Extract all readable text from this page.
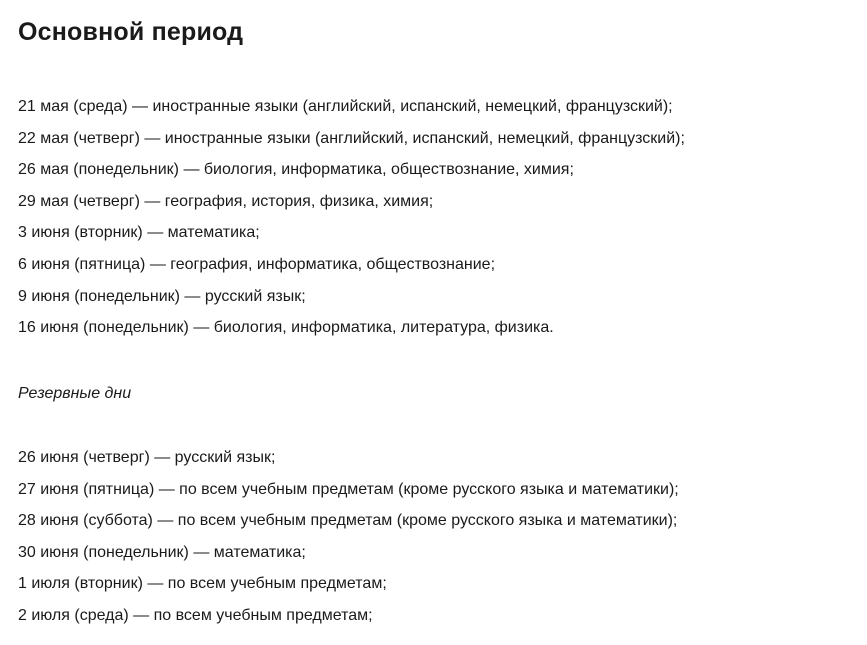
Основной период
21 мая (среда) — иностранные языки (английский, испанский, немецкий, французский);
22 мая (четверг) — иностранные языки (английский, испанский, немецкий, французский);
26 мая (понедельник) — биология, информатика, обществознание, химия;
29 мая (четверг) — география, история, физика, химия;
3 июня (вторник) — математика;
6 июня (пятница) — география, информатика, обществознание;
9 июня (понедельник) — русский язык;
16 июня (понедельник) — биология, информатика, литература, физика.
Резервные дни
26 июня (четверг) — русский язык;
27 июня (пятница) — по всем учебным предметам (кроме русского языка и математики);
28 июня (суббота) — по всем учебным предметам (кроме русского языка и математики);
30 июня (понедельник) — математика;
1 июля (вторник) — по всем учебным предметам;
2 июля (среда) — по всем учебным предметам;
